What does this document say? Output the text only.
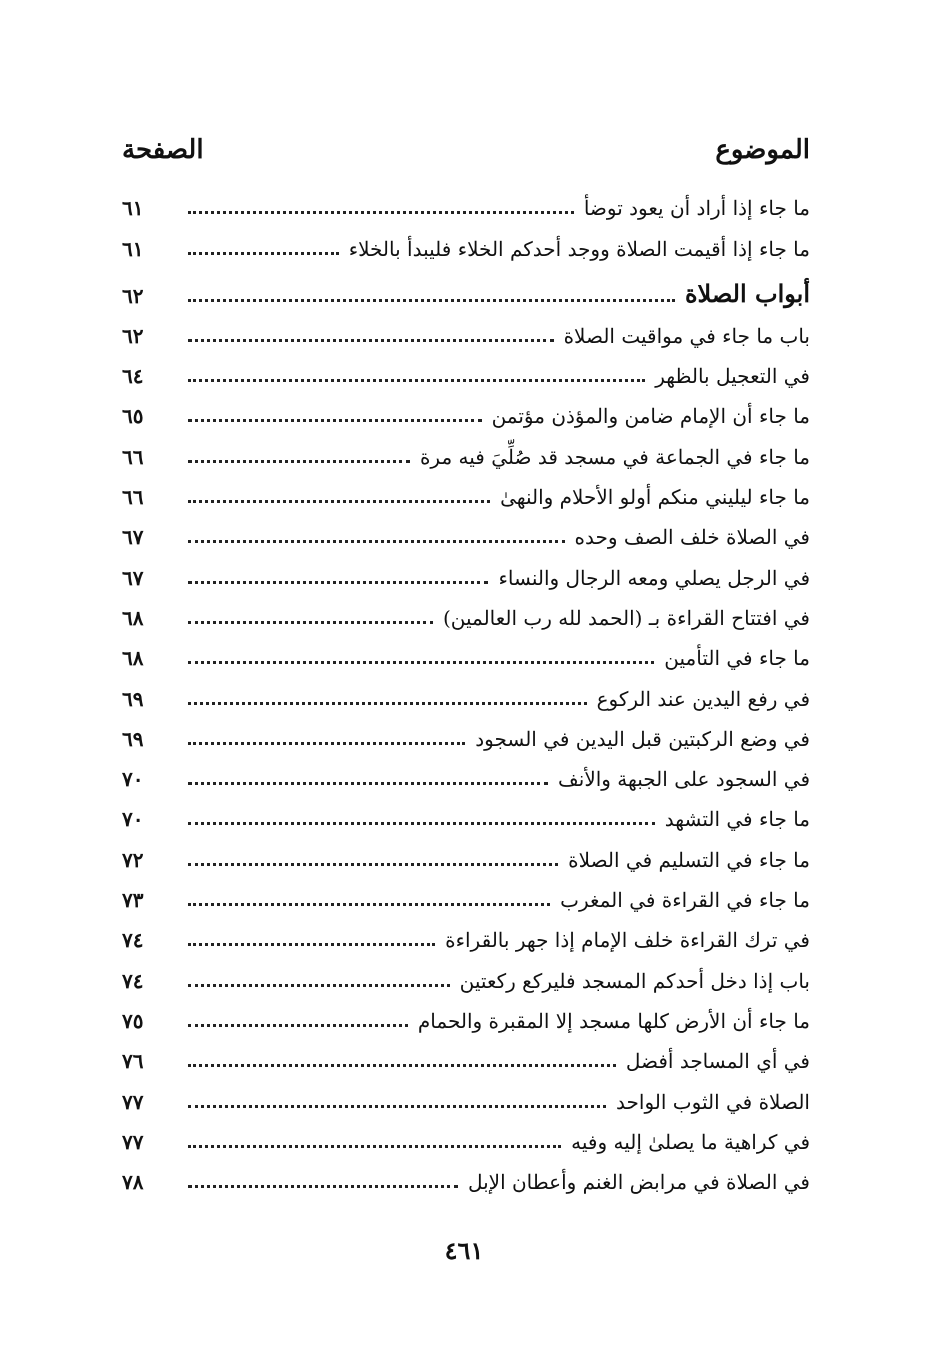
الموضوع
الصفحة
ما جاء إذا أراد أن يعود توضأ
٦١
ما جاء إذا أقيمت الصلاة ووجد أحدكم الخلاء فليبدأ بالخلاء
٦١
أبواب الصلاة
٦٢
باب ما جاء في مواقيت الصلاة
٦٢
في التعجيل بالظهر
٦٤
ما جاء أن الإمام ضامن والمؤذن مؤتمن
٦٥
ما جاء في الجماعة في مسجد قد صُلِّيَ فيه مرة
٦٦
ما جاء ليليني منكم أولو الأحلام والنهىٰ
٦٦
في الصلاة خلف الصف وحده
٦٧
في الرجل يصلي ومعه الرجال والنساء
٦٧
في افتتاح القراءة بـ (الحمد لله رب العالمين)
٦٨
ما جاء في التأمين
٦٨
في رفع اليدين عند الركوع
٦٩
في وضع الركبتين قبل اليدين في السجود
٦٩
في السجود على الجبهة والأنف
٧٠
ما جاء في التشهد
٧٠
ما جاء في التسليم في الصلاة
٧٢
ما جاء في القراءة في المغرب
٧٣
في ترك القراءة خلف الإمام إذا جهر بالقراءة
٧٤
باب إذا دخل أحدكم المسجد فليركع ركعتين
٧٤
ما جاء أن الأرض كلها مسجد إلا المقبرة والحمام
٧٥
في أي المساجد أفضل
٧٦
الصلاة في الثوب الواحد
٧٧
في كراهية ما يصلىٰ إليه وفيه
٧٧
في الصلاة في مرابض الغنم وأعطان الإبل
٧٨
٤٦١
